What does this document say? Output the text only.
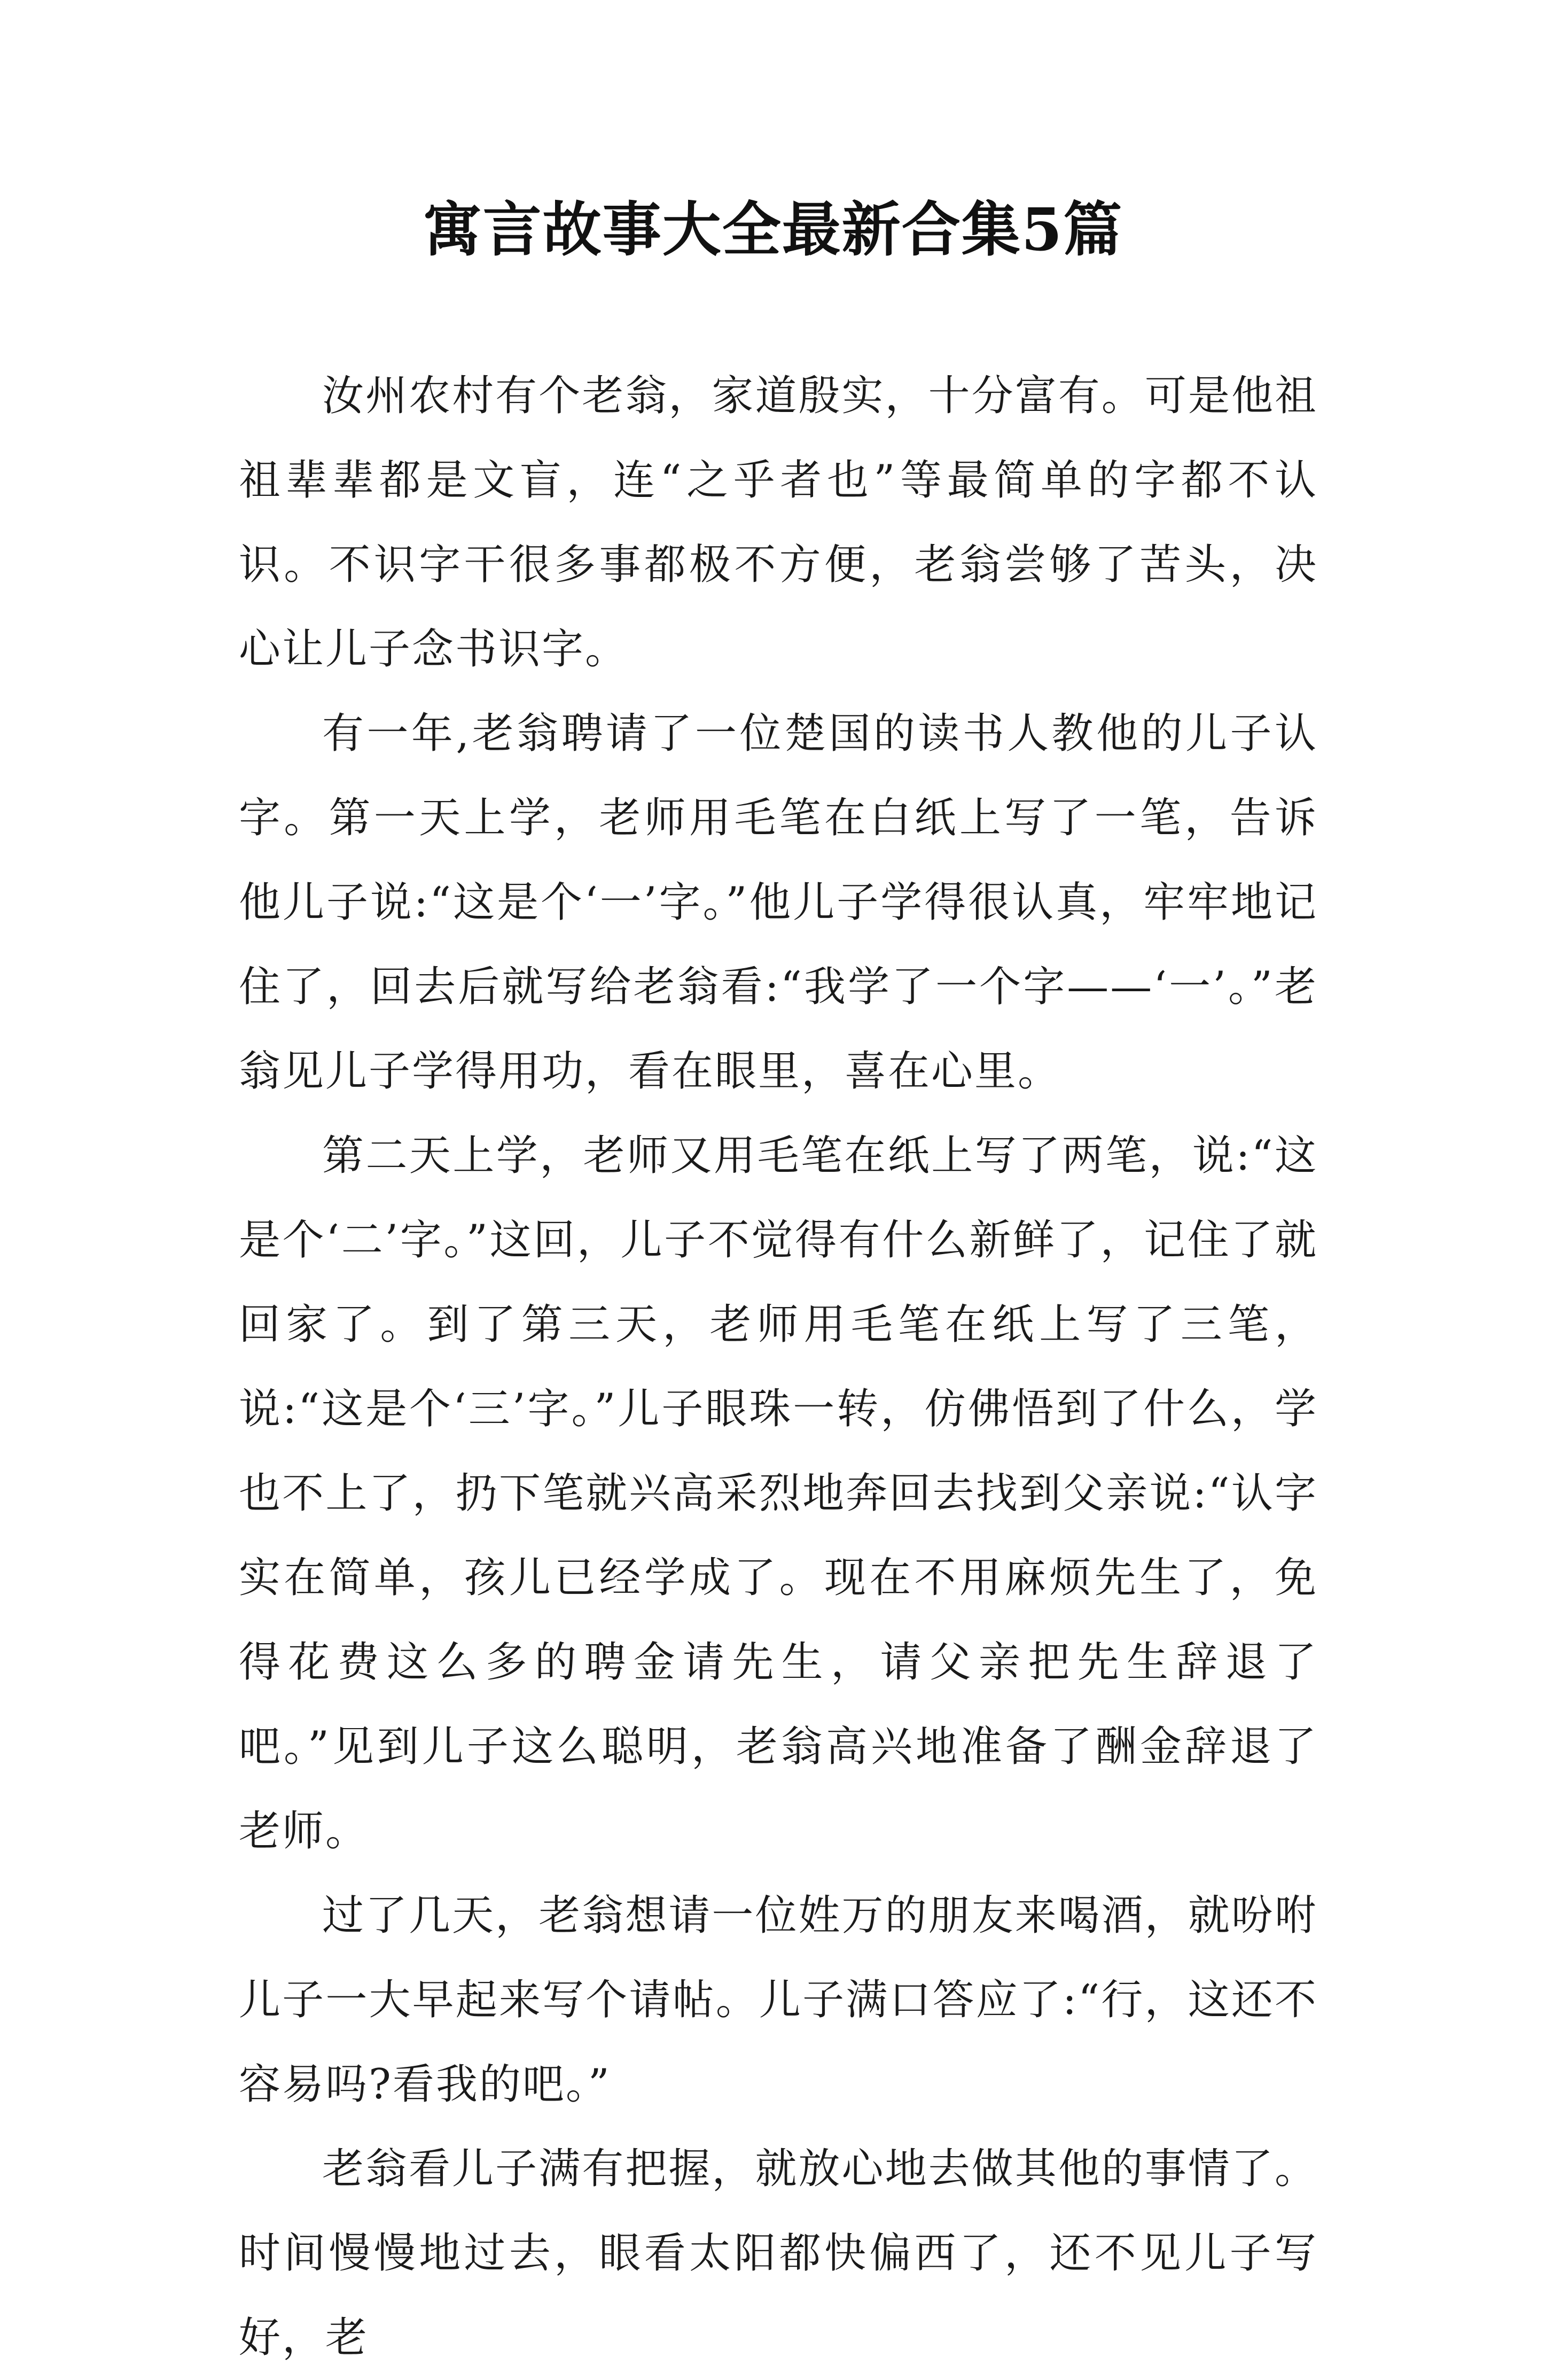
寓言故事大全最新合集5篇

汝州农村有个老翁，家道殷实，十分富有。可是他祖祖辈辈都是文盲，连“之乎者也”等最简单的字都不认识。不识字干很多事都极不方便，老翁尝够了苦头，决心让儿子念书识字。

有一年,老翁聘请了一位楚国的读书人教他的儿子认字。第一天上学，老师用毛笔在白纸上写了一笔，告诉他儿子说:“这是个‘一’字。”他儿子学得很认真，牢牢地记住了，回去后就写给老翁看:“我学了一个字——‘一’。”老翁见儿子学得用功，看在眼里，喜在心里。

第二天上学，老师又用毛笔在纸上写了两笔，说:“这是个‘二’字。”这回，儿子不觉得有什么新鲜了，记住了就回家了。到了第三天，老师用毛笔在纸上写了三笔，说:“这是个‘三’字。”儿子眼珠一转，仿佛悟到了什么，学也不上了，扔下笔就兴高采烈地奔回去找到父亲说:“认字实在简单，孩儿已经学成了。现在不用麻烦先生了，免得花费这么多的聘金请先生，请父亲把先生辞退了吧。”见到儿子这么聪明，老翁高兴地准备了酬金辞退了老师。

过了几天，老翁想请一位姓万的朋友来喝酒，就吩咐儿子一大早起来写个请帖。儿子满口答应了:“行，这还不容易吗?看我的吧。”

老翁看儿子满有把握，就放心地去做其他的事情了。时间慢慢地过去，眼看太阳都快偏西了，还不见儿子写好，老
